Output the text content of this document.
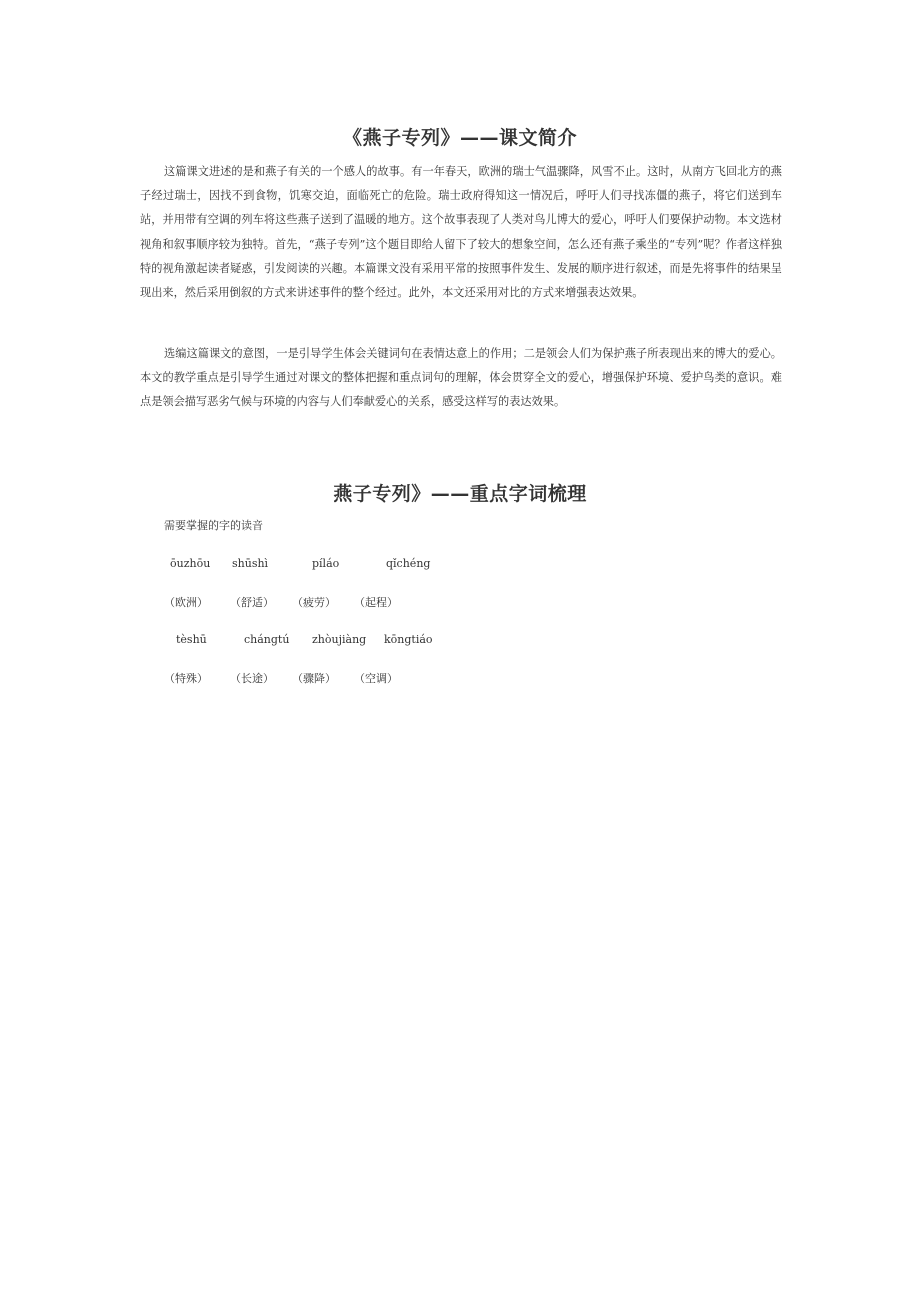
《燕子专列》——课文简介

这篇课文进述的是和燕子有关的一个感人的故事。有一年春天，欧洲的瑞士气温骤降，风雪不止。这时，从南方飞回北方的燕子经过瑞士，因找不到食物，饥寒交迫，面临死亡的危险。瑞士政府得知这一情况后，呼吁人们寻找冻僵的燕子，将它们送到车站，并用带有空调的列车将这些燕子送到了温暖的地方。这个故事表现了人类对鸟儿博大的爱心，呼吁人们要保护动物。本文选材视角和叙事顺序较为独特。首先，“燕子专列”这个题目即给人留下了较大的想象空间，怎么还有燕子乘坐的“专列”呢？作者这样独特的视角激起读者疑惑，引发阅读的兴趣。本篇课文没有采用平常的按照事件发生、发展的顺序进行叙述，而是先将事件的结果呈现出来，然后采用倒叙的方式来讲述事件的整个经过。此外，本文还采用对比的方式来增强表达效果。

选编这篇课文的意图，一是引导学生体会关键词句在表情达意上的作用；二是领会人们为保护燕子所表现出来的博大的爱心。本文的教学重点是引导学生通过对课文的整体把握和重点词句的理解，体会贯穿全文的爱心，增强保护环境、爱护鸟类的意识。难点是领会描写恶劣气候与环境的内容与人们奉献爱心的关系，感受这样写的表达效果。

燕子专列》——重点字词梳理
需要掌握的字的读音
ōuzhōu shūshì	píláo	qǐchéng
（欧洲） （舒适） （疲劳） （起程）
tèshū	chángtú zhòujiàng kōngtiáo
（特殊） （长途） （骤降） （空调）
